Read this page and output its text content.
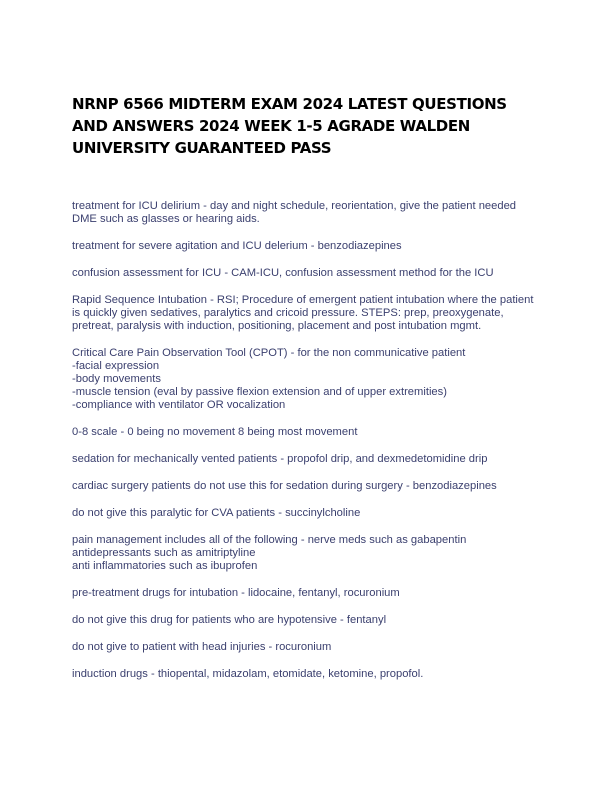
NRNP 6566 MIDTERM EXAM 2024 LATEST QUESTIONS AND ANSWERS 2024 WEEK 1-5 AGRADE WALDEN UNIVERSITY GUARANTEED PASS

treatment for ICU delirium - day and night schedule, reorientation, give the patient needed DME such as glasses or hearing aids.

treatment for severe agitation and ICU delerium - benzodiazepines

confusion assessment for ICU - CAM-ICU, confusion assessment method for the ICU

Rapid Sequence Intubation - RSI; Procedure of emergent patient intubation where the patient is quickly given sedatives, paralytics and cricoid pressure. STEPS: prep, preoxygenate, pretreat, paralysis with induction, positioning, placement and post intubation mgmt.

Critical Care Pain Observation Tool (CPOT) - for the non communicative patient
-facial expression
-body movements
-muscle tension (eval by passive flexion extension and of upper extremities)
-compliance with ventilator OR vocalization

0-8 scale - 0 being no movement 8 being most movement

sedation for mechanically vented patients - propofol drip, and dexmedetomidine drip

cardiac surgery patients do not use this for sedation during surgery - benzodiazepines

do not give this paralytic for CVA patients - succinylcholine

pain management includes all of the following - nerve meds such as gabapentin antidepressants such as amitriptyline
anti inflammatories such as ibuprofen

pre-treatment drugs for intubation - lidocaine, fentanyl, rocuronium

do not give this drug for patients who are hypotensive - fentanyl

do not give to patient with head injuries - rocuronium

induction drugs - thiopental, midazolam, etomidate, ketomine, propofol.
